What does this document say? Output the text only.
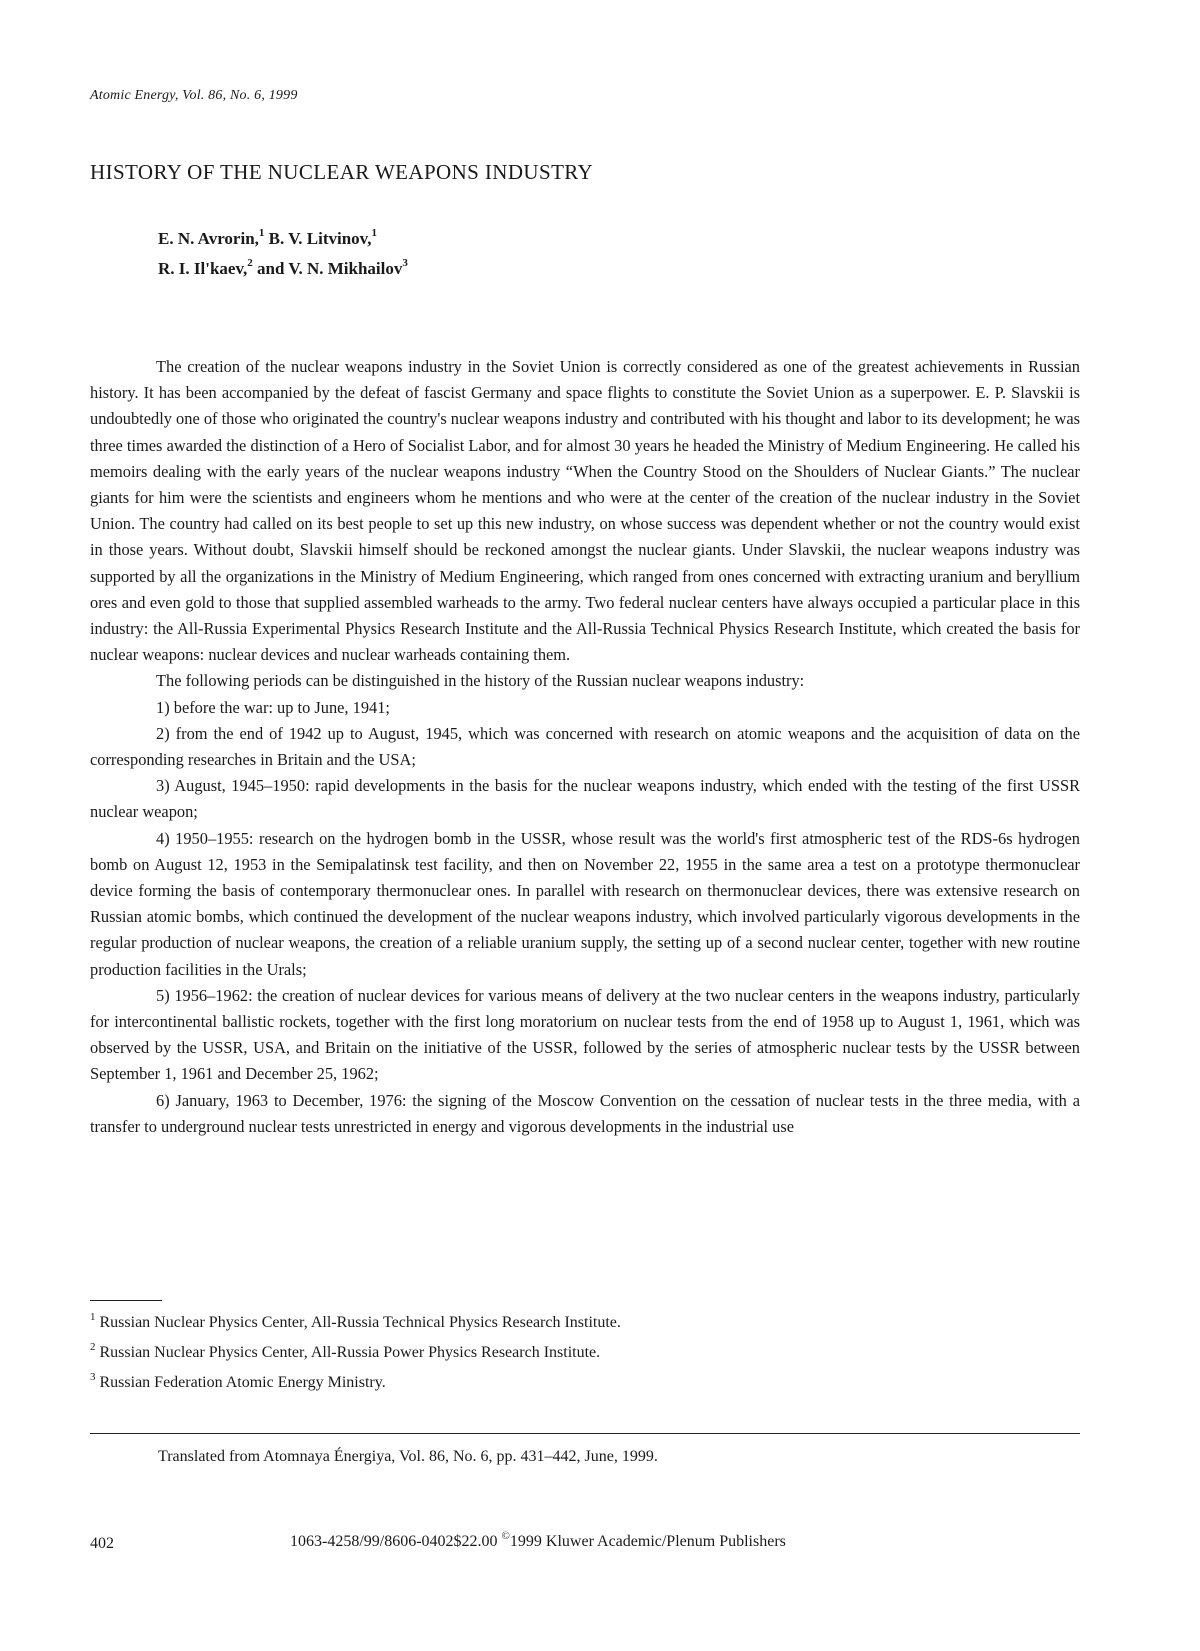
Atomic Energy, Vol. 86, No. 6, 1999
HISTORY OF THE NUCLEAR WEAPONS INDUSTRY
E. N. Avrorin,$^1$ B. V. Litvinov,$^1$
R. I. Il'kaev,$^2$ and V. N. Mikhailov$^3$

The creation of the nuclear weapons industry in the Soviet Union is correctly considered as one of the greatest achievements in Russian history. It has been accompanied by the defeat of fascist Germany and space flights to constitute the Soviet Union as a superpower. E. P. Slavskii is undoubtedly one of those who originated the country's nuclear weapons industry and contributed with his thought and labor to its development; he was three times awarded the distinction of a Hero of Socialist Labor, and for almost 30 years he headed the Ministry of Medium Engineering. He called his memoirs dealing with the early years of the nuclear weapons industry “When the Country Stood on the Shoulders of Nuclear Giants.” The nuclear giants for him were the scientists and engineers whom he mentions and who were at the center of the creation of the nuclear industry in the Soviet Union. The country had called on its best people to set up this new industry, on whose success was dependent whether or not the country would exist in those years. Without doubt, Slavskii himself should be reckoned amongst the nuclear giants. Under Slavskii, the nuclear weapons industry was supported by all the organizations in the Ministry of Medium Engineering, which ranged from ones concerned with extracting uranium and beryllium ores and even gold to those that supplied assembled warheads to the army. Two federal nuclear centers have always occupied a particular place in this industry: the All-Russia Experimental Physics Research Institute and the All-Russia Technical Physics Research Institute, which created the basis for nuclear weapons: nuclear devices and nuclear warheads containing them.

The following periods can be distinguished in the history of the Russian nuclear weapons industry:

1) before the war: up to June, 1941;

2) from the end of 1942 up to August, 1945, which was concerned with research on atomic weapons and the acquisition of data on the corresponding researches in Britain and the USA;

3) August, 1945–1950: rapid developments in the basis for the nuclear weapons industry, which ended with the testing of the first USSR nuclear weapon;

4) 1950–1955: research on the hydrogen bomb in the USSR, whose result was the world's first atmospheric test of the RDS-6s hydrogen bomb on August 12, 1953 in the Semipalatinsk test facility, and then on November 22, 1955 in the same area a test on a prototype thermonuclear device forming the basis of contemporary thermonuclear ones. In parallel with research on thermonuclear devices, there was extensive research on Russian atomic bombs, which continued the development of the nuclear weapons industry, which involved particularly vigorous developments in the regular production of nuclear weapons, the creation of a reliable uranium supply, the setting up of a second nuclear center, together with new routine production facilities in the Urals;

5) 1956–1962: the creation of nuclear devices for various means of delivery at the two nuclear centers in the weapons industry, particularly for intercontinental ballistic rockets, together with the first long moratorium on nuclear tests from the end of 1958 up to August 1, 1961, which was observed by the USSR, USA, and Britain on the initiative of the USSR, followed by the series of atmospheric nuclear tests by the USSR between September 1, 1961 and December 25, 1962;

6) January, 1963 to December, 1976: the signing of the Moscow Convention on the cessation of nuclear tests in the three media, with a transfer to underground nuclear tests unrestricted in energy and vigorous developments in the industrial use

$^1$ Russian Nuclear Physics Center, All-Russia Technical Physics Research Institute.
$^2$ Russian Nuclear Physics Center, All-Russia Power Physics Research Institute.
$^3$ Russian Federation Atomic Energy Ministry.
Translated from Atomnaya Énergiya, Vol. 86, No. 6, pp. 431–442, June, 1999.
402	1063-4258/99/8606-0402$22.00 ©1999 Kluwer Academic/Plenum Publishers
